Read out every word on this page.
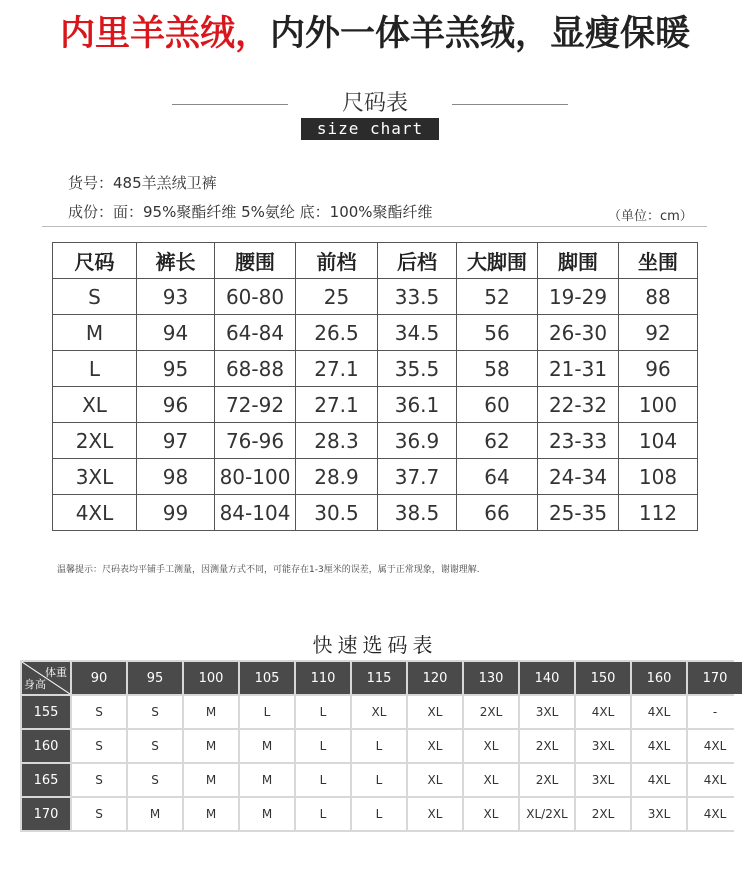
内里羊羔绒，内外一体羊羔绒，显瘦保暖
尺码表
size chart
货号：485羊羔绒卫裤
成份：面：95%聚酯纤维 5%氨纶 底：100%聚酯纤维	（单位：cm）
尺码	裤长	腰围	前档	后档	大脚围	脚围	坐围
S	93	60-80	25	33.5	52	19-29	88
M	94	64-84	26.5	34.5	56	26-30	92
L	95	68-88	27.1	35.5	58	21-31	96
XL	96	72-92	27.1	36.1	60	22-32	100
2XL	97	76-96	28.3	36.9	62	23-33	104
3XL	98	80-100	28.9	37.7	64	24-34	108
4XL	99	84-104	30.5	38.5	66	25-35	112
温馨提示：尺码表均平铺手工测量，因测量方式不同，可能存在1-3厘米的误差，属于正常现象，谢谢理解.
快速选码表
体重
身高	90	95	100	105	110	115	120	130	140	150	160	170
155	S	S	M	L	L	XL	XL	2XL	3XL	4XL	4XL	-
160	S	S	M	M	L	L	XL	XL	2XL	3XL	4XL	4XL
165	S	S	M	M	L	L	XL	XL	2XL	3XL	4XL	4XL
170	S	M	M	M	L	L	XL	XL	XL/2XL	2XL	3XL	4XL
